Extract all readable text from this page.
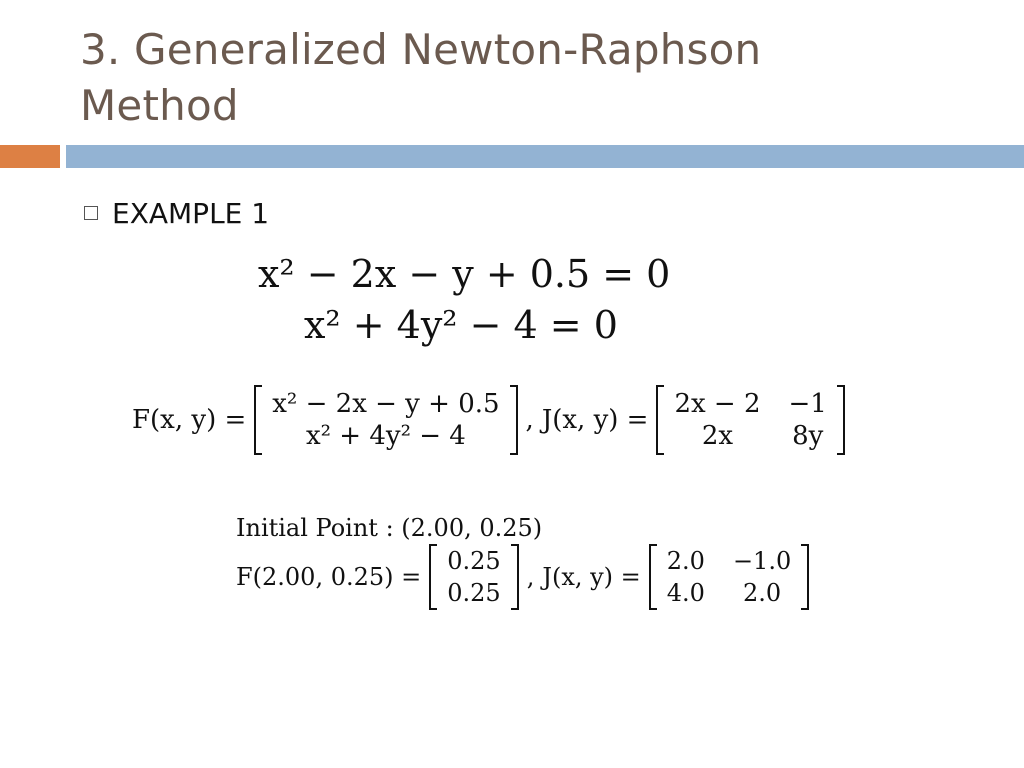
3. Generalized Newton-Raphson
Method
EXAMPLE 1
x² − 2x − y + 0.5 = 0
x² + 4y² − 4 = 0
F(x, y) =
x² − 2x − y + 0.5
x² + 4y² − 4
, J(x, y) =
2x − 2 −1
2x	8y
Initial Point : (2.00, 0.25)
F(2.00, 0.25) =
0.25
0.25
, J(x, y) =
2.0 −1.0
4.0	2.0
